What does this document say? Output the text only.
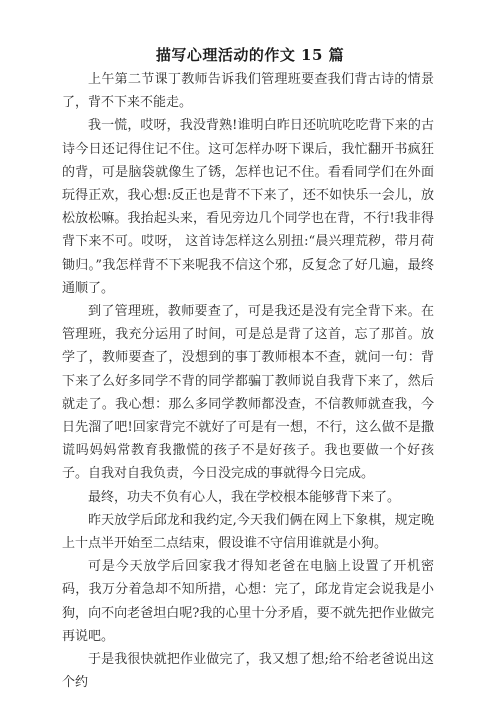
描写心理活动的作文 15 篇

上午第二节课丁教师告诉我们管理班要查我们背古诗的情景了，背不下来不能走。

我一慌，哎呀，我没背熟!谁明白昨日还吭吭吃吃背下来的古诗今日还记得住记不住。这可怎样办呀下课后，我忙翻开书疯狂的背，可是脑袋就像生了锈，怎样也记不住。看看同学们在外面玩得正欢，我心想:反正也是背不下来了，还不如快乐一会儿，放松放松嘛。我抬起头来，看见旁边几个同学也在背，不行!我非得背下来不可。哎呀， 这首诗怎样这么别扭:“晨兴理荒秽，带月荷锄归。”我怎样背不下来呢我不信这个邪，反复念了好几遍，最终通顺了。

到了管理班，教师要查了，可是我还是没有完全背下来。在管理班，我充分运用了时间，可是总是背了这首，忘了那首。放学了，教师要查了，没想到的事丁教师根本不查，就问一句：背下来了么好多同学不背的同学都骗丁教师说自我背下来了，然后就走了。我心想：那么多同学教师都没查，不信教师就查我，今日先溜了吧!回家背完不就好了可是有一想，不行，这么做不是撒谎吗妈妈常教育我撒慌的孩子不是好孩子。我也要做一个好孩子。自我对自我负责，今日没完成的事就得今日完成。

最终，功夫不负有心人，我在学校根本能够背下来了。

昨天放学后邱龙和我约定,今天我们俩在网上下象棋，规定晚上十点半开始至二点结束，假设谁不守信用谁就是小狗。

可是今天放学后回家我才得知老爸在电脑上设置了开机密码，我万分着急却不知所措，心想：完了，邱龙肯定会说我是小狗，向不向老爸坦白呢?我的心里十分矛盾，要不就先把作业做完再说吧。

于是我很快就把作业做完了，我又想了想;给不给老爸说出这个约
